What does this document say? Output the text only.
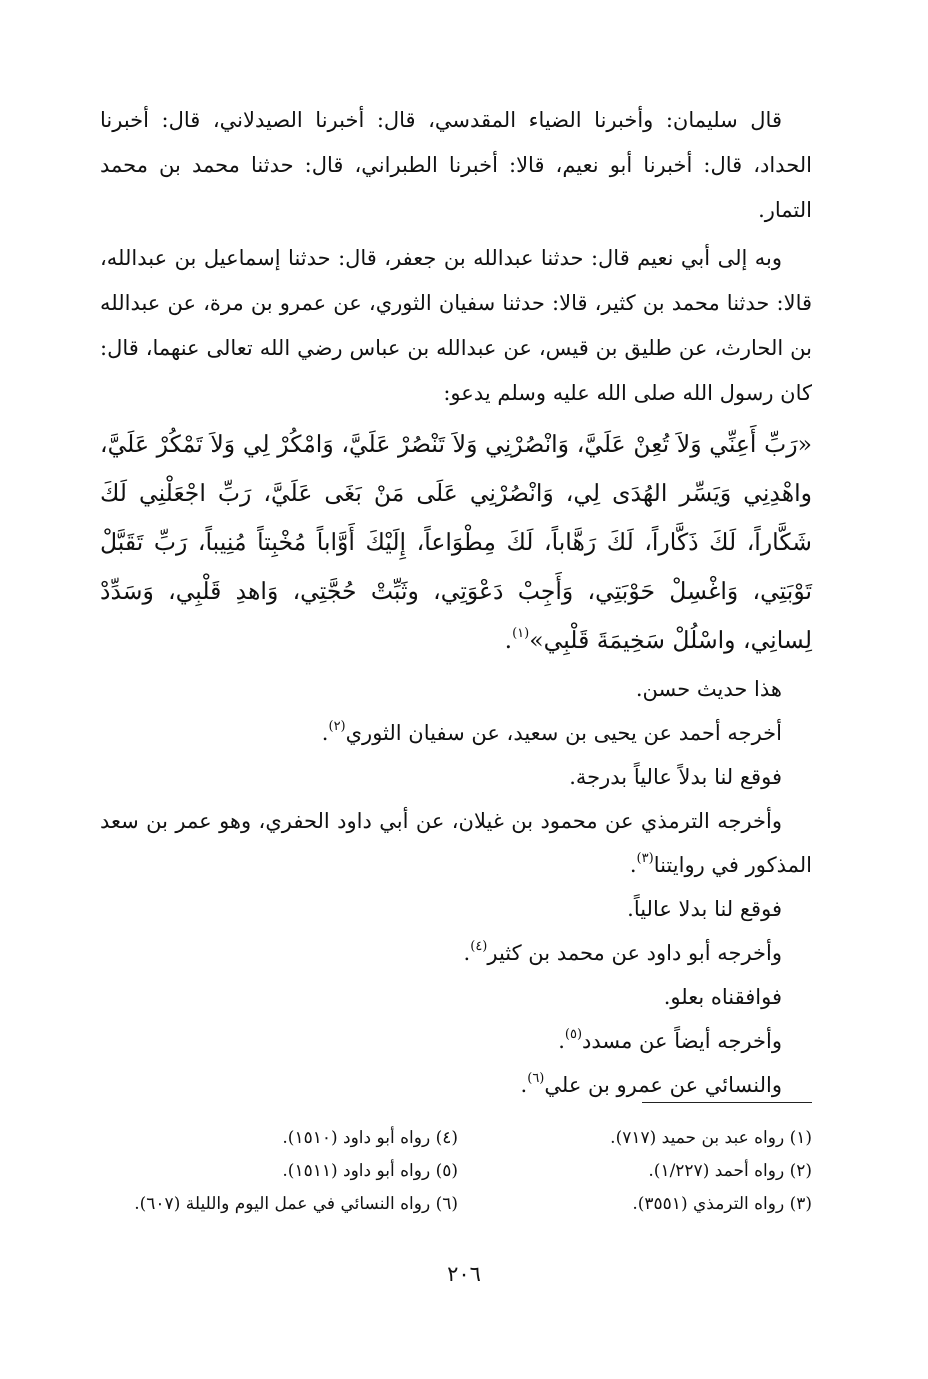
قال سليمان: وأخبرنا الضياء المقدسي، قال: أخبرنا الصيدلاني، قال: أخبرنا الحداد، قال: أخبرنا أبو نعيم، قالا: أخبرنا الطبراني، قال: حدثنا محمد بن محمد التمار.

وبه إلى أبي نعيم قال: حدثنا عبدالله بن جعفر، قال: حدثنا إسماعيل بن عبدالله، قالا: حدثنا محمد بن كثير، قالا: حدثنا سفيان الثوري، عن عمرو بن مرة، عن عبدالله بن الحارث، عن طليق بن قيس، عن عبدالله بن عباس رضي الله تعالى عنهما، قال: كان رسول الله صلى الله عليه وسلم يدعو:

«رَبِّ أَعِنِّي وَلاَ تُعِنْ عَلَيَّ، وَانْصُرْنِي وَلاَ تَنْصُرْ عَلَيَّ، وَامْكُرْ لِي وَلاَ تَمْكُرْ عَلَيَّ، واهْدِنِي وَيَسِّر الهُدَى لِي، وَانْصُرْنِي عَلَى مَنْ بَغَى عَلَيَّ، رَبِّ اجْعَلْنِي لَكَ شَكَّاراً، لَكَ ذَكَّاراً، لَكَ رَهَّاباً، لَكَ مِطْوَاعاً، إِلَيْكَ أَوَّاباً مُخْبِتاً مُنِيباً، رَبِّ تَقَبَّلْ تَوْبَتِي، وَاغْسِلْ حَوْبَتِي، وَأَجِبْ دَعْوَتِي، وثَبِّتْ حُجَّتِي، وَاهدِ قَلْبِي، وَسَدِّدْ لِسانِي، واسْلُلْ سَخِيمَةَ قَلْبِي»$^{(١)}$.

هذا حديث حسن.

أخرجه أحمد عن يحيى بن سعيد، عن سفيان الثوري$^{(٢)}$.

فوقع لنا بدلاً عالياً بدرجة.

وأخرجه الترمذي عن محمود بن غيلان، عن أبي داود الحفري، وهو عمر بن سعد المذكور في روايتنا$^{(٣)}$.

فوقع لنا بدلا عالياً.

وأخرجه أبو داود عن محمد بن كثير$^{(٤)}$.

فوافقناه بعلو.

وأخرجه أيضاً عن مسدد$^{(٥)}$.

والنسائي عن عمرو بن علي$^{(٦)}$.

(١) رواه عبد بن حميد (٧١٧).
(٢) رواه أحمد (١/٢٢٧).
(٣) رواه الترمذي (٣٥٥١).
(٤) رواه أبو داود (١٥١٠).
(٥) رواه أبو داود (١٥١١).
(٦) رواه النسائي في عمل اليوم والليلة (٦٠٧).
٢٠٦
